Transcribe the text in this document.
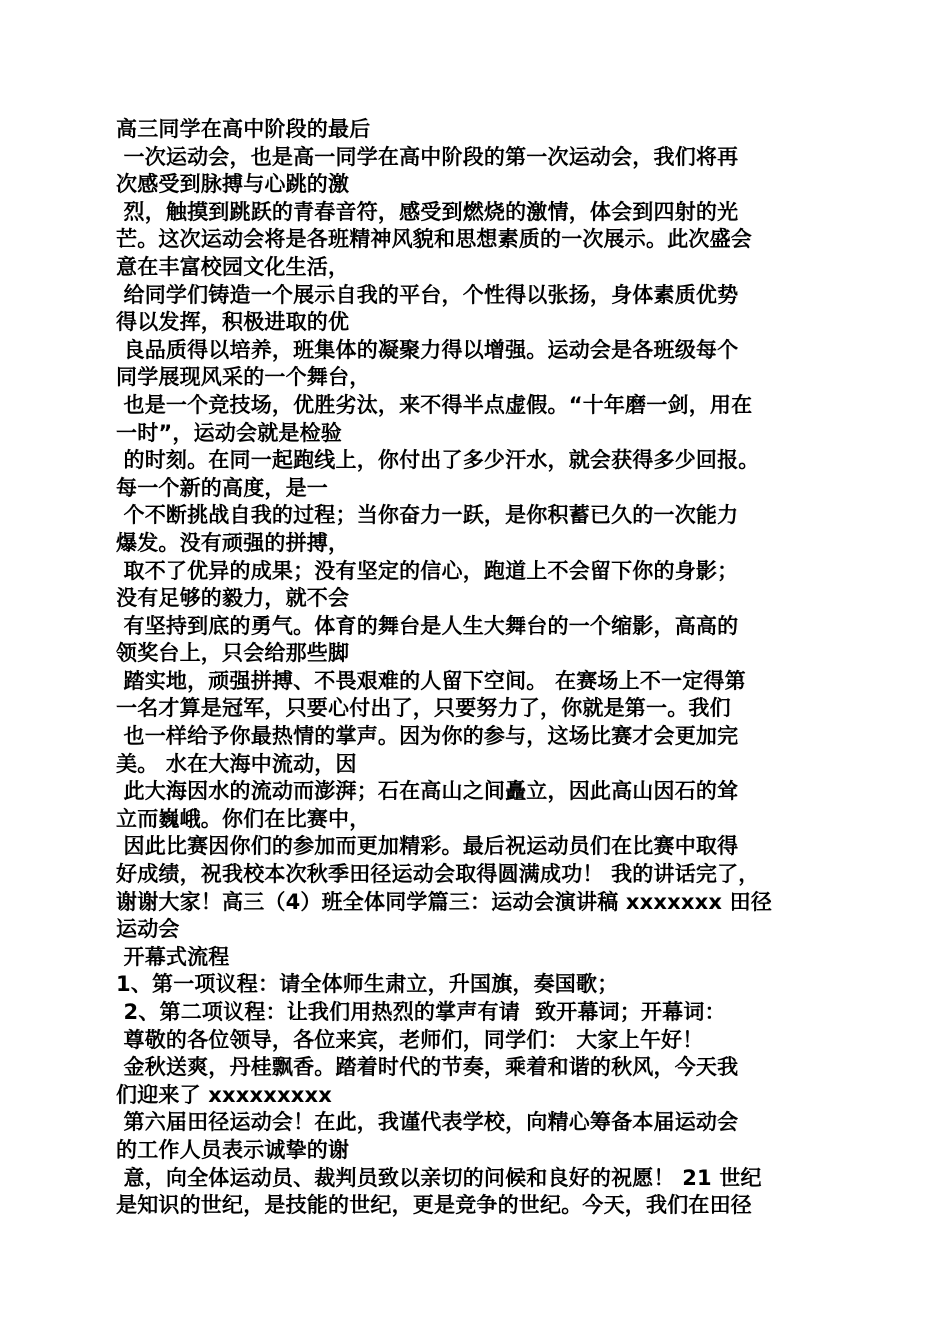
高三同学在高中阶段的最后
一次运动会，也是高一同学在高中阶段的第一次运动会，我们将再
次感受到脉搏与心跳的激
烈，触摸到跳跃的青春音符，感受到燃烧的激情，体会到四射的光
芒。这次运动会将是各班精神风貌和思想素质的一次展示。此次盛会
意在丰富校园文化生活，
给同学们铸造一个展示自我的平台，个性得以张扬，身体素质优势
得以发挥，积极进取的优
良品质得以培养，班集体的凝聚力得以增强。运动会是各班级每个
同学展现风采的一个舞台，
也是一个竞技场，优胜劣汰，来不得半点虚假。“十年磨一剑，用在
一时”，运动会就是检验
的时刻。在同一起跑线上，你付出了多少汗水，就会获得多少回报。
每一个新的高度，是一
个不断挑战自我的过程；当你奋力一跃，是你积蓄已久的一次能力
爆发。没有顽强的拼搏，
取不了优异的成果；没有坚定的信心，跑道上不会留下你的身影；
没有足够的毅力，就不会
有坚持到底的勇气。体育的舞台是人生大舞台的一个缩影，高高的
领奖台上，只会给那些脚
踏实地，顽强拼搏、不畏艰难的人留下空间。 在赛场上不一定得第
一名才算是冠军，只要心付出了，只要努力了，你就是第一。我们
也一样给予你最热情的掌声。因为你的参与，这场比赛才会更加完
美。 水在大海中流动，因
此大海因水的流动而澎湃；石在高山之间矗立，因此高山因石的耸
立而巍峨。你们在比赛中，
因此比赛因你们的参加而更加精彩。最后祝运动员们在比赛中取得
好成绩，祝我校本次秋季田径运动会取得圆满成功！ 我的讲话完了，
谢谢大家！高三（4）班全体同学篇三：运动会演讲稿 xxxxxxx 田径
运动会
开幕式流程
1、第一项议程：请全体师生肃立，升国旗，奏国歌；
2、第二项议程：让我们用热烈的掌声有请  致开幕词；开幕词：
尊敬的各位领导，各位来宾，老师们，同学们： 大家上午好！
金秋送爽，丹桂飘香。踏着时代的节奏，乘着和谐的秋风，今天我
们迎来了 xxxxxxxxx
第六届田径运动会！在此，我谨代表学校，向精心筹备本届运动会
的工作人员表示诚挚的谢
意，向全体运动员、裁判员致以亲切的问候和良好的祝愿！ 21 世纪
是知识的世纪，是技能的世纪，更是竞争的世纪。今天，我们在田径
